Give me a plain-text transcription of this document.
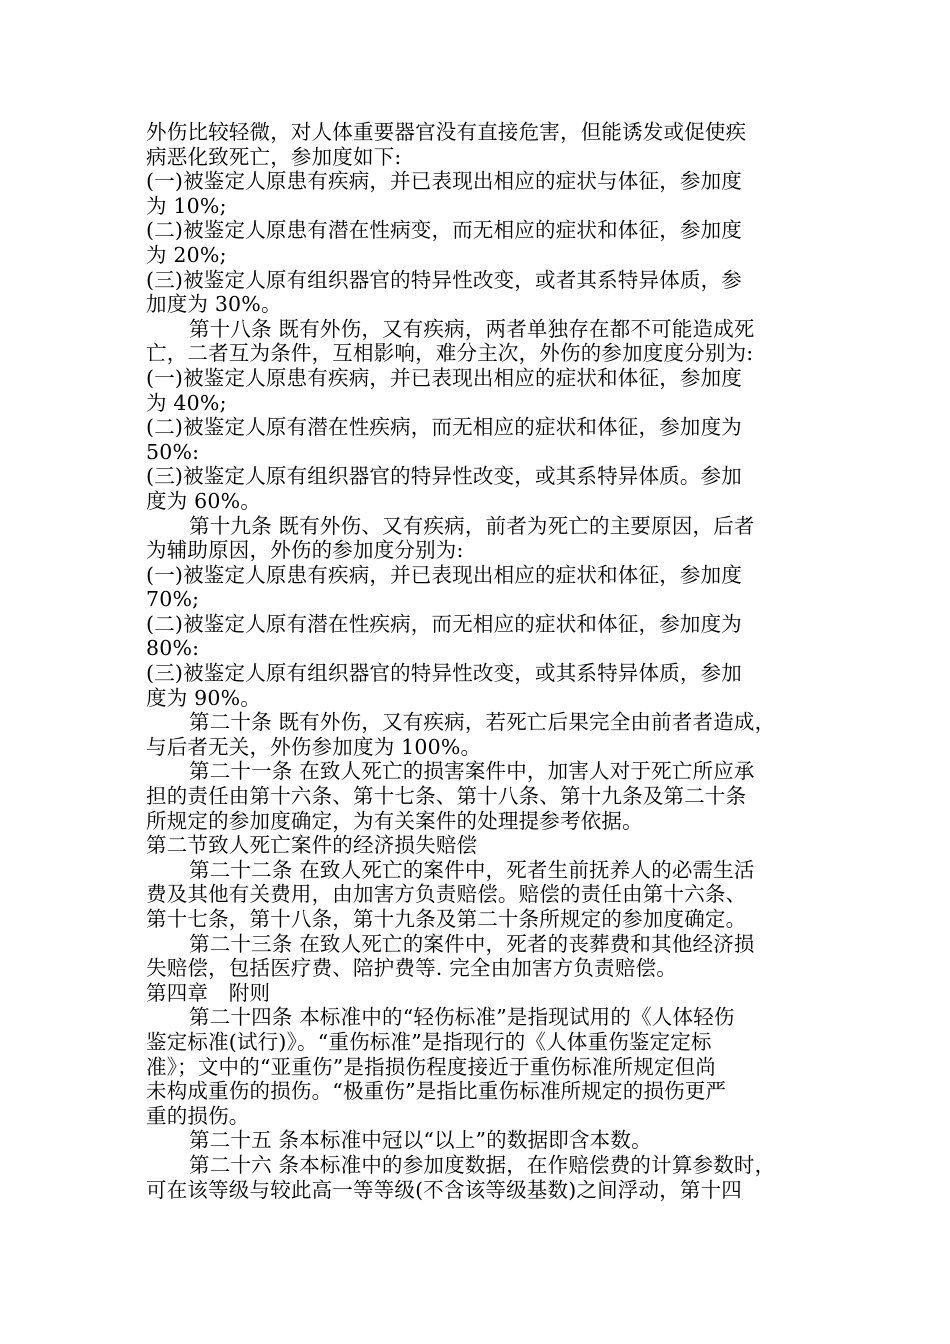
外伤比较轻微，对人体重要器官没有直接危害，但能诱发或促使疾
病恶化致死亡，参加度如下:
(一)被鉴定人原患有疾病，并已表现出相应的症状与体征，参加度
为 10%;
(二)被鉴定人原患有潜在性病变，而无相应的症状和体征，参加度
为 20%;
(三)被鉴定人原有组织器官的特异性改变，或者其系特异体质，参
加度为 30%。
第十八条 既有外伤，又有疾病，两者单独存在都不可能造成死
亡，二者互为条件，互相影响，难分主次，外伤的参加度度分别为:
(一)被鉴定人原患有疾病，并已表现出相应的症状和体征，参加度
为 40%;
(二)被鉴定人原有潜在性疾病，而无相应的症状和体征，参加度为
50%:
(三)被鉴定人原有组织器官的特异性改变，或其系特异体质。参加
度为 60%。
第十九条 既有外伤、又有疾病，前者为死亡的主要原因，后者
为辅助原因，外伤的参加度分别为:
(一)被鉴定人原患有疾病，并已表现出相应的症状和体征，参加度
70%;
(二)被鉴定人原有潜在性疾病，而无相应的症状和体征，参加度为
80%:
(三)被鉴定人原有组织器官的特异性改变，或其系特异体质，参加
度为 90%。
第二十条 既有外伤，又有疾病，若死亡后果完全由前者者造成，
与后者无关，外伤参加度为 100%。
第二十一条 在致人死亡的损害案件中，加害人对于死亡所应承
担的责任由第十六条、第十七条、第十八条、第十九条及第二十条
所规定的参加度确定，为有关案件的处理提参考依据。
第二节致人死亡案件的经济损失赔偿
第二十二条 在致人死亡的案件中，死者生前抚养人的必需生活
费及其他有关费用，由加害方负责赔偿。赔偿的责任由第十六条、
第十七条，第十八条，第十九条及第二十条所规定的参加度确定。
第二十三条 在致人死亡的案件中，死者的丧葬费和其他经济损
失赔偿，包括医疗费、陪护费等. 完全由加害方负责赔偿。
第四章　附则
第二十四条 本标准中的“轻伤标准”是指现试用的《人体轻伤
鉴定标准(试行)》。“重伤标准”是指现行的《人体重伤鉴定定标
准》；文中的“亚重伤”是指损伤程度接近于重伤标准所规定但尚
未构成重伤的损伤。“极重伤”是指比重伤标准所规定的损伤更严
重的损伤。
第二十五 条本标准中冠以“以上”的数据即含本数。
第二十六 条本标准中的参加度数据，在作赔偿费的计算参数时，
可在该等级与较此高一等等级(不含该等级基数)之间浮动，第十四
